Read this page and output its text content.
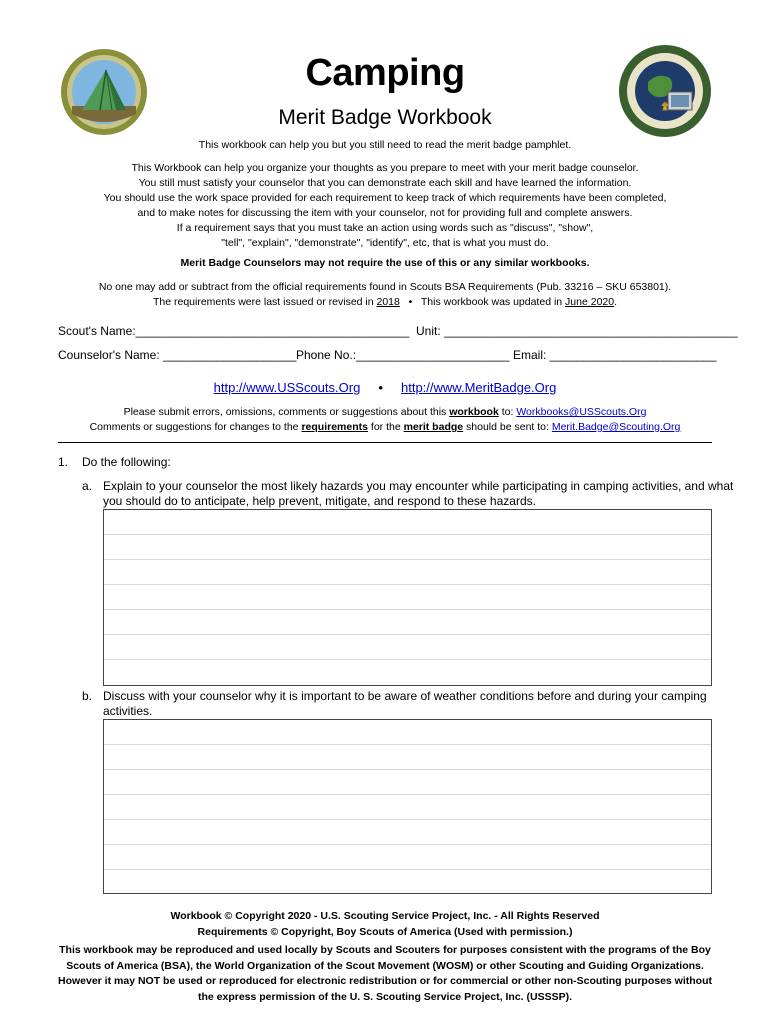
Camping
Merit Badge Workbook
This workbook can help you but you still need to read the merit badge pamphlet.
This Workbook can help you organize your thoughts as you prepare to meet with your merit badge counselor.
You still must satisfy your counselor that you can demonstrate each skill and have learned the information.
You should use the work space provided for each requirement to keep track of which requirements have been completed,
and to make notes for discussing the item with your counselor, not for providing full and complete answers.
If a requirement says that you must take an action using words such as "discuss", "show",
"tell", "explain", "demonstrate", "identify", etc, that is what you must do.
Merit Badge Counselors may not require the use of this or any similar workbooks.
No one may add or subtract from the official requirements found in Scouts BSA Requirements (Pub. 33216 – SKU 653801).
The requirements were last issued or revised in 2018 • This workbook was updated in June 2020.
Scout's Name:_________________________________________ Unit: ____________________________________________
Counselor's Name: ____________________ Phone No.:_______________________ Email: _________________________
http://www.USScouts.Org • http://www.MeritBadge.Org
Please submit errors, omissions, comments or suggestions about this workbook to: Workbooks@USScouts.Org
Comments or suggestions for changes to the requirements for the merit badge should be sent to: Merit.Badge@Scouting.Org
1. Do the following:
a. Explain to your counselor the most likely hazards you may encounter while participating in camping activities, and what
you should do to anticipate, help prevent, mitigate, and respond to these hazards.
b. Discuss with your counselor why it is important to be aware of weather conditions before and during your camping
activities.
Workbook © Copyright 2020 - U.S. Scouting Service Project, Inc. - All Rights Reserved
Requirements © Copyright, Boy Scouts of America (Used with permission.)
This workbook may be reproduced and used locally by Scouts and Scouters for purposes consistent with the programs of the Boy
Scouts of America (BSA), the World Organization of the Scout Movement (WOSM) or other Scouting and Guiding Organizations.
However it may NOT be used or reproduced for electronic redistribution or for commercial or other non-Scouting purposes without
the express permission of the U. S. Scouting Service Project, Inc. (USSSP).
